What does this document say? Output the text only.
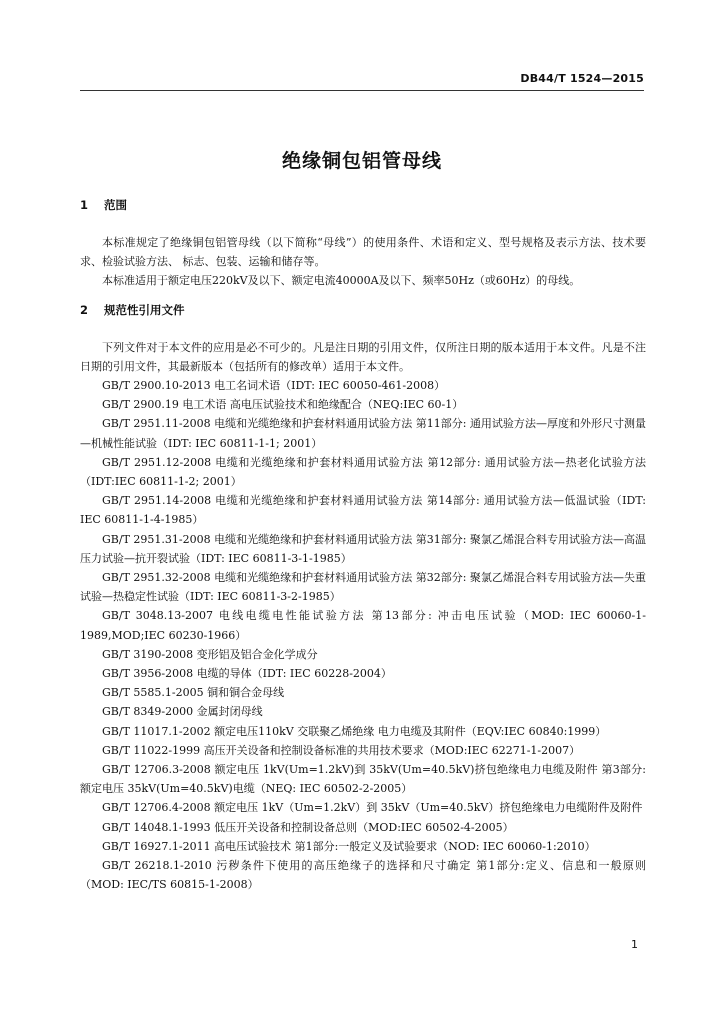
DB44/T 1524—2015
绝缘铜包铝管母线
1 范围

本标准规定了绝缘铜包铝管母线（以下简称“母线”）的使用条件、术语和定义、型号规格及表示方法、技术要求、检验试验方法、 标志、包装、运输和储存等。

本标准适用于额定电压220kV及以下、额定电流40000A及以下、频率50Hz（或60Hz）的母线。

2 规范性引用文件

下列文件对于本文件的应用是必不可少的。凡是注日期的引用文件，仅所注日期的版本适用于本文件。凡是不注日期的引用文件，其最新版本（包括所有的修改单）适用于本文件。

GB/T 2900.10-2013 电工名词术语（IDT: IEC 60050-461-2008）

GB/T 2900.19 电工术语 高电压试验技术和绝缘配合（NEQ:IEC 60-1）

GB/T 2951.11-2008 电缆和光缆绝缘和护套材料通用试验方法 第11部分: 通用试验方法—厚度和外形尺寸测量—机械性能试验（IDT: IEC 60811-1-1; 2001）

GB/T 2951.12-2008 电缆和光缆绝缘和护套材料通用试验方法 第12部分: 通用试验方法—热老化试验方法（IDT:IEC 60811-1-2; 2001）

GB/T 2951.14-2008 电缆和光缆绝缘和护套材料通用试验方法 第14部分: 通用试验方法—低温试验（IDT: IEC 60811-1-4-1985）

GB/T 2951.31-2008 电缆和光缆绝缘和护套材料通用试验方法 第31部分: 聚氯乙烯混合料专用试验方法—高温压力试验—抗开裂试验（IDT: IEC 60811-3-1-1985）

GB/T 2951.32-2008 电缆和光缆绝缘和护套材料通用试验方法 第32部分: 聚氯乙烯混合料专用试验方法—失重试验—热稳定性试验（IDT: IEC 60811-3-2-1985）

GB/T 3048.13-2007 电线电缆电性能试验方法 第13部分: 冲击电压试验（MOD: IEC 60060-1-1989,MOD;IEC 60230-1966）

GB/T 3190-2008 变形铝及铝合金化学成分

GB/T 3956-2008 电缆的导体（IDT: IEC 60228-2004）

GB/T 5585.1-2005 铜和铜合金母线

GB/T 8349-2000 金属封闭母线

GB/T 11017.1-2002 额定电压110kV 交联聚乙烯绝缘 电力电缆及其附件（EQV:IEC 60840:1999）

GB/T 11022-1999 高压开关设备和控制设备标准的共用技术要求（MOD:IEC 62271-1-2007）

GB/T 12706.3-2008 额定电压 1kV(Um=1.2kV)到 35kV(Um=40.5kV)挤包绝缘电力电缆及附件 第3部分:额定电压 35kV(Um=40.5kV)电缆（NEQ: IEC 60502-2-2005）

GB/T 12706.4-2008 额定电压 1kV（Um=1.2kV）到 35kV（Um=40.5kV）挤包绝缘电力电缆附件及附件

GB/T 14048.1-1993 低压开关设备和控制设备总则（MOD:IEC 60502-4-2005）

GB/T 16927.1-2011 高电压试验技术 第1部分:一般定义及试验要求（NOD: IEC 60060-1:2010）

GB/T 26218.1-2010 污秽条件下使用的高压绝缘子的选择和尺寸确定 第1部分:定义、信息和一般原则（MOD: IEC/TS 60815-1-2008）

1
